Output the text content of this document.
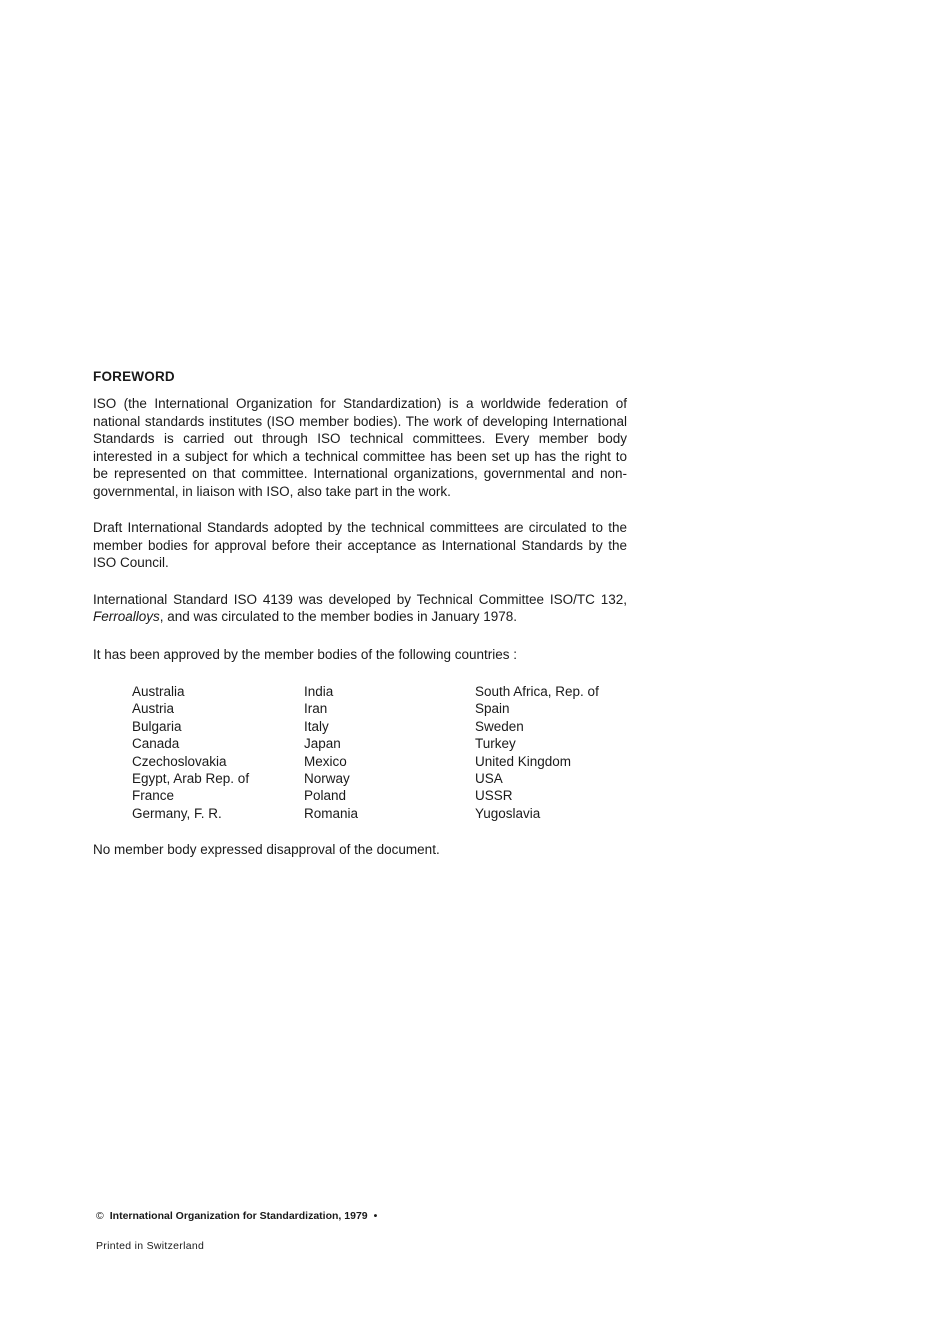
FOREWORD

ISO (the International Organization for Standardization) is a worldwide federation of national standards institutes (ISO member bodies). The work of developing International Standards is carried out through ISO technical committees. Every member body interested in a subject for which a technical committee has been set up has the right to be represented on that committee. International organizations, governmental and non-governmental, in liaison with ISO, also take part in the work.

Draft International Standards adopted by the technical committees are circulated to the member bodies for approval before their acceptance as International Standards by the ISO Council.

International Standard ISO 4139 was developed by Technical Committee ISO/TC 132, Ferroalloys, and was circulated to the member bodies in January 1978.

It has been approved by the member bodies of the following countries :

Australia
Austria
Bulgaria
Canada
Czechoslovakia
Egypt, Arab Rep. of
France
Germany, F. R.
India
Iran
Italy
Japan
Mexico
Norway
Poland
Romania
South Africa, Rep. of
Spain
Sweden
Turkey
United Kingdom
USA
USSR
Yugoslavia

No member body expressed disapproval of the document.

© International Organization for Standardization, 1979 •
Printed in Switzerland
